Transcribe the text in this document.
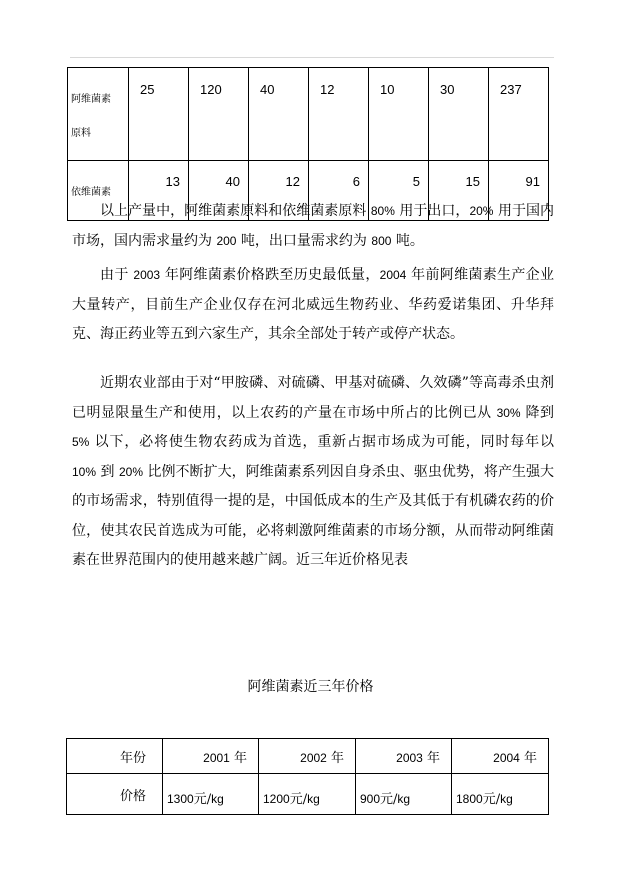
阿维菌素
原料	25	120	40	12	10	30	237
依维菌素	13	40	12	6	5	15	91
以上产量中，阿维菌素原料和依维菌素原料 80% 用于出口，20% 用于国内市场，国内需求量约为 200 吨，出口量需求约为 800 吨。
由于 2003 年阿维菌素价格跌至历史最低量，2004 年前阿维菌素生产企业大量转产，目前生产企业仅存在河北威远生物药业、华药爱诺集团、升华拜克、海正药业等五到六家生产，其余全部处于转产或停产状态。
近期农业部由于对“甲胺磷、对硫磷、甲基对硫磷、久效磷”等高毒杀虫剂已明显限量生产和使用，以上农药的产量在市场中所占的比例已从 30% 降到 5% 以下，必将使生物农药成为首选，重新占据市场成为可能，同时每年以 10% 到 20% 比例不断扩大，阿维菌素系列因自身杀虫、驱虫优势，将产生强大的市场需求，特别值得一提的是，中国低成本的生产及其低于有机磷农药的价位，使其农民首选成为可能，必将刺激阿维菌素的市场分额，从而带动阿维菌素在世界范围内的使用越来越广阔。近三年近价格见表
阿维菌素近三年价格
年份	2001 年	2002 年	2003 年	2004 年
价格	1300元/kg	1200元/kg	900元/kg	1800元/kg
